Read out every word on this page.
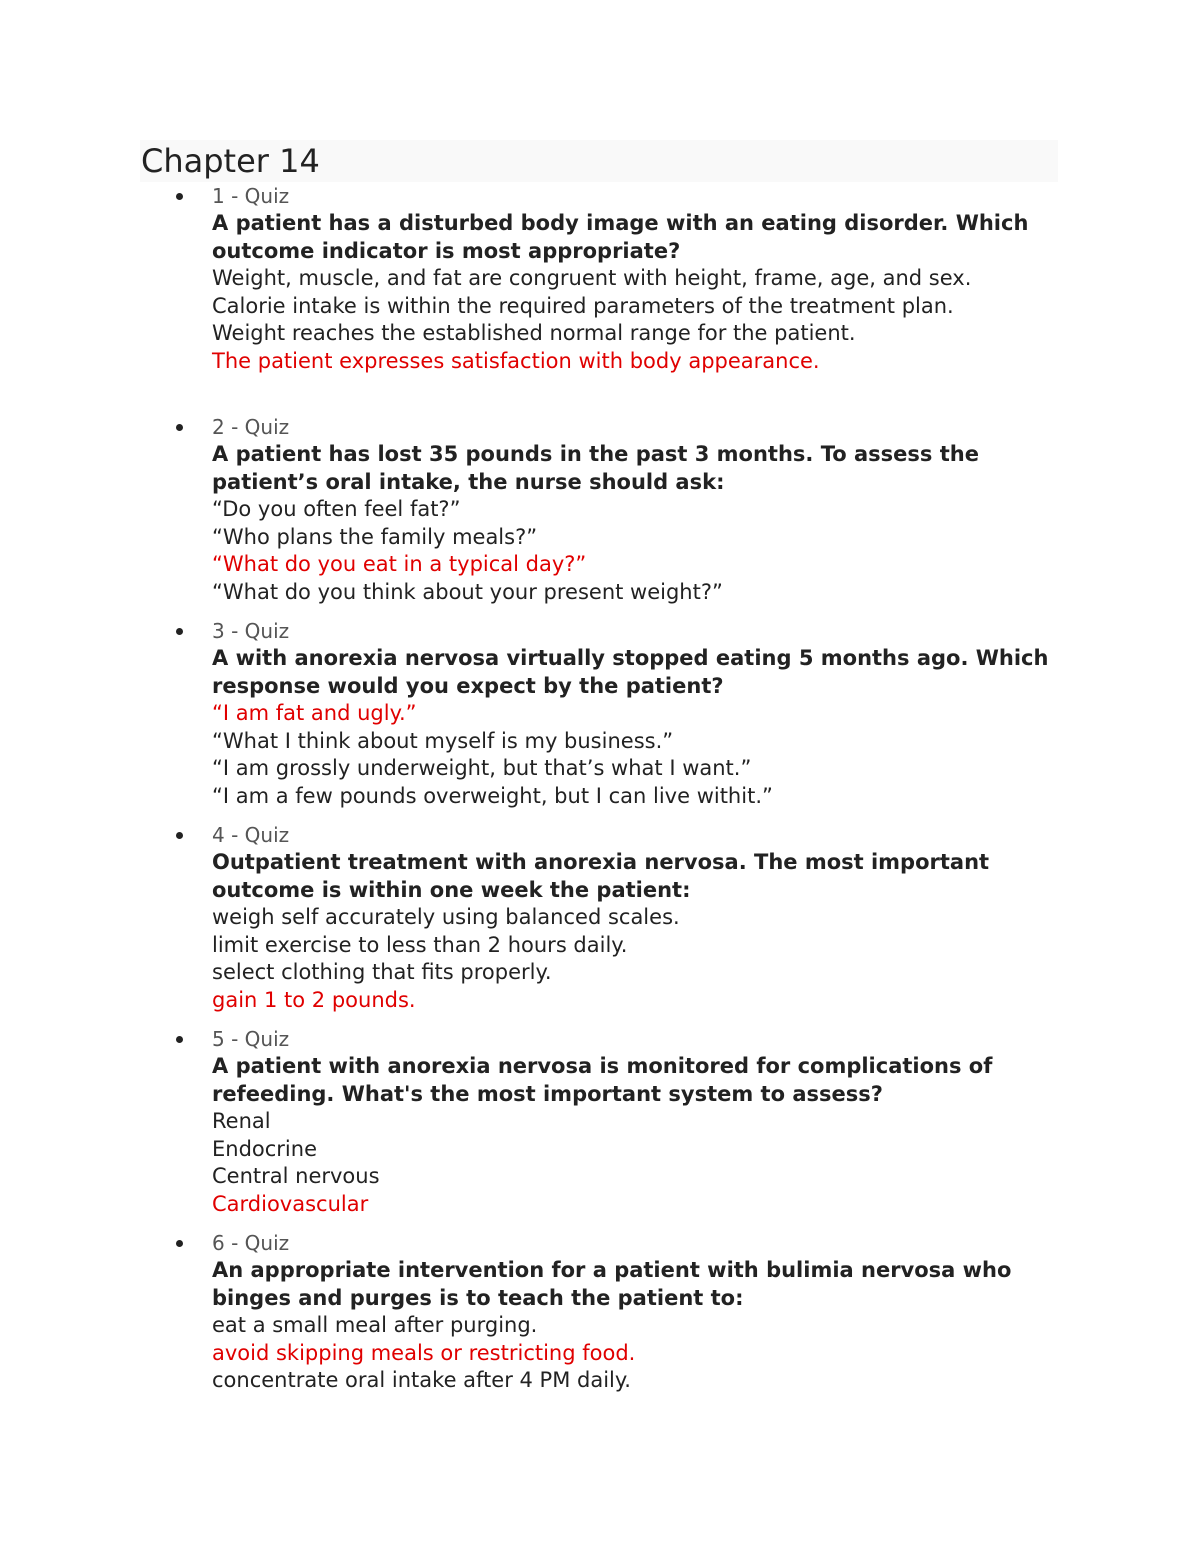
Chapter 14
1 - Quiz

A patient has a disturbed body image with an eating disorder. Which outcome indicator is most appropriate?

Weight, muscle, and fat are congruent with height, frame, age, and sex.
Calorie intake is within the required parameters of the treatment plan.
Weight reaches the established normal range for the patient.
The patient expresses satisfaction with body appearance.
2 - Quiz

A patient has lost 35 pounds in the past 3 months. To assess the patient’s oral intake, the nurse should ask:

“Do you often feel fat?”
“Who plans the family meals?”
“What do you eat in a typical day?”
“What do you think about your present weight?”
3 - Quiz

A with anorexia nervosa virtually stopped eating 5 months ago. Which response would you expect by the patient?

“I am fat and ugly.”
“What I think about myself is my business.”
“I am grossly underweight, but that’s what I want.”
“I am a few pounds overweight, but I can live withit.”
4 - Quiz

Outpatient treatment with anorexia nervosa. The most important outcome is within one week the patient:

weigh self accurately using balanced scales.
limit exercise to less than 2 hours daily.
select clothing that fits properly.
gain 1 to 2 pounds.
5 - Quiz

A patient with anorexia nervosa is monitored for complications of refeeding. What's the most important system to assess?

Renal
Endocrine
Central nervous
Cardiovascular
6 - Quiz

An appropriate intervention for a patient with bulimia nervosa who binges and purges is to teach the patient to:

eat a small meal after purging.
avoid skipping meals or restricting food.
concentrate oral intake after 4 PM daily.
